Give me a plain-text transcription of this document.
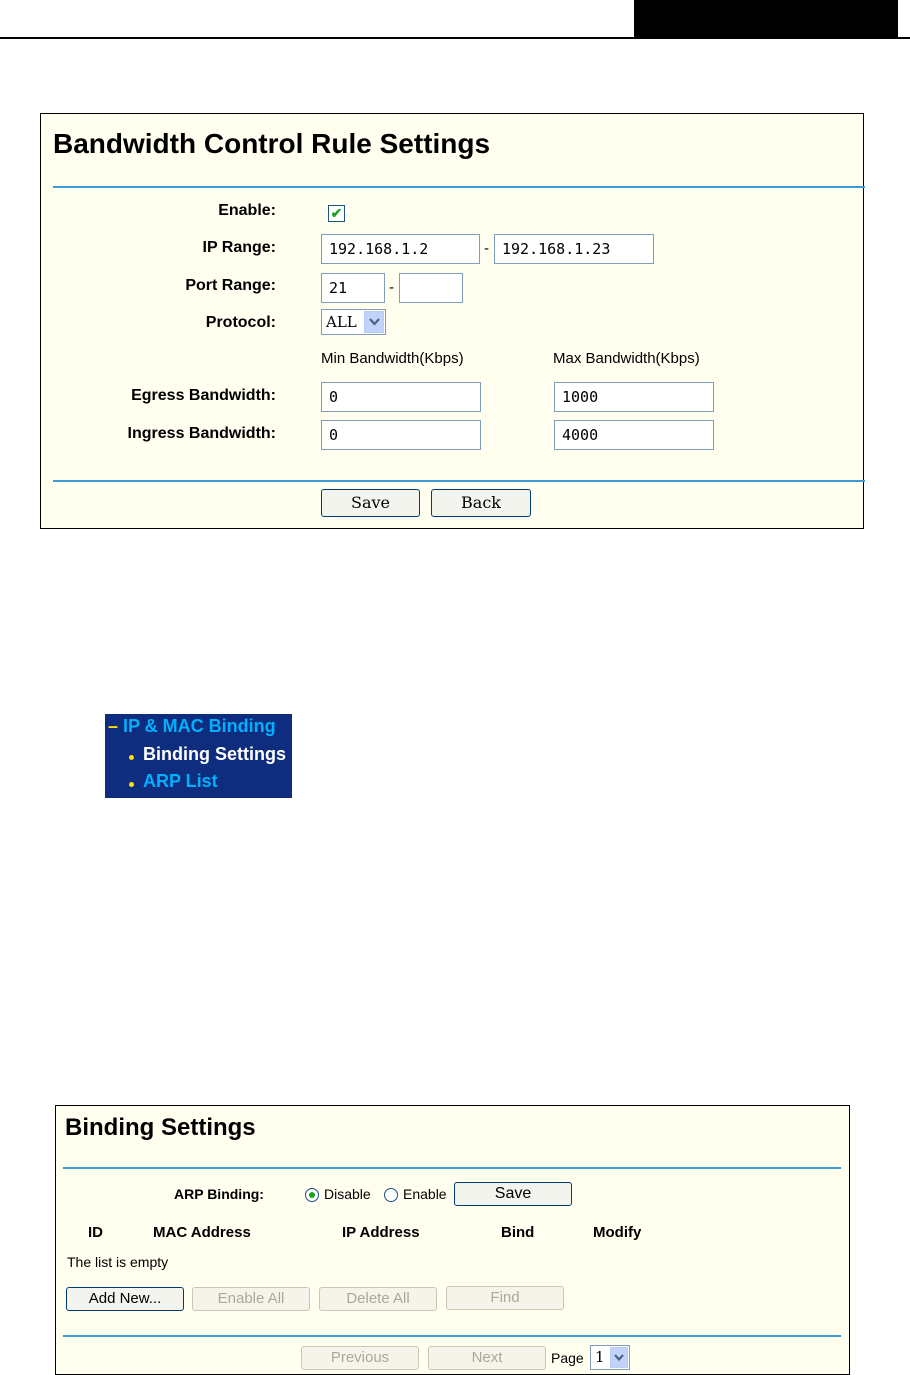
Bandwidth Control Rule Settings
Enable:	✔
IP Range:	192.168.1.2	- 192.168.1.23
Port Range:	21	-
Protocol:	ALL
Min Bandwidth(Kbps)	Max Bandwidth(Kbps)
Egress Bandwidth:	0	1000
Ingress Bandwidth:	0	4000
Save	Back
– IP & MAC Binding
Binding Settings
ARP List
Binding Settings
ARP Binding:	Disable Enable	Save
ID	MAC Address	IP Address	Bind	Modify
The list is empty
Add New...	Enable All	Delete All	Find
Previous	Next	Page 1
